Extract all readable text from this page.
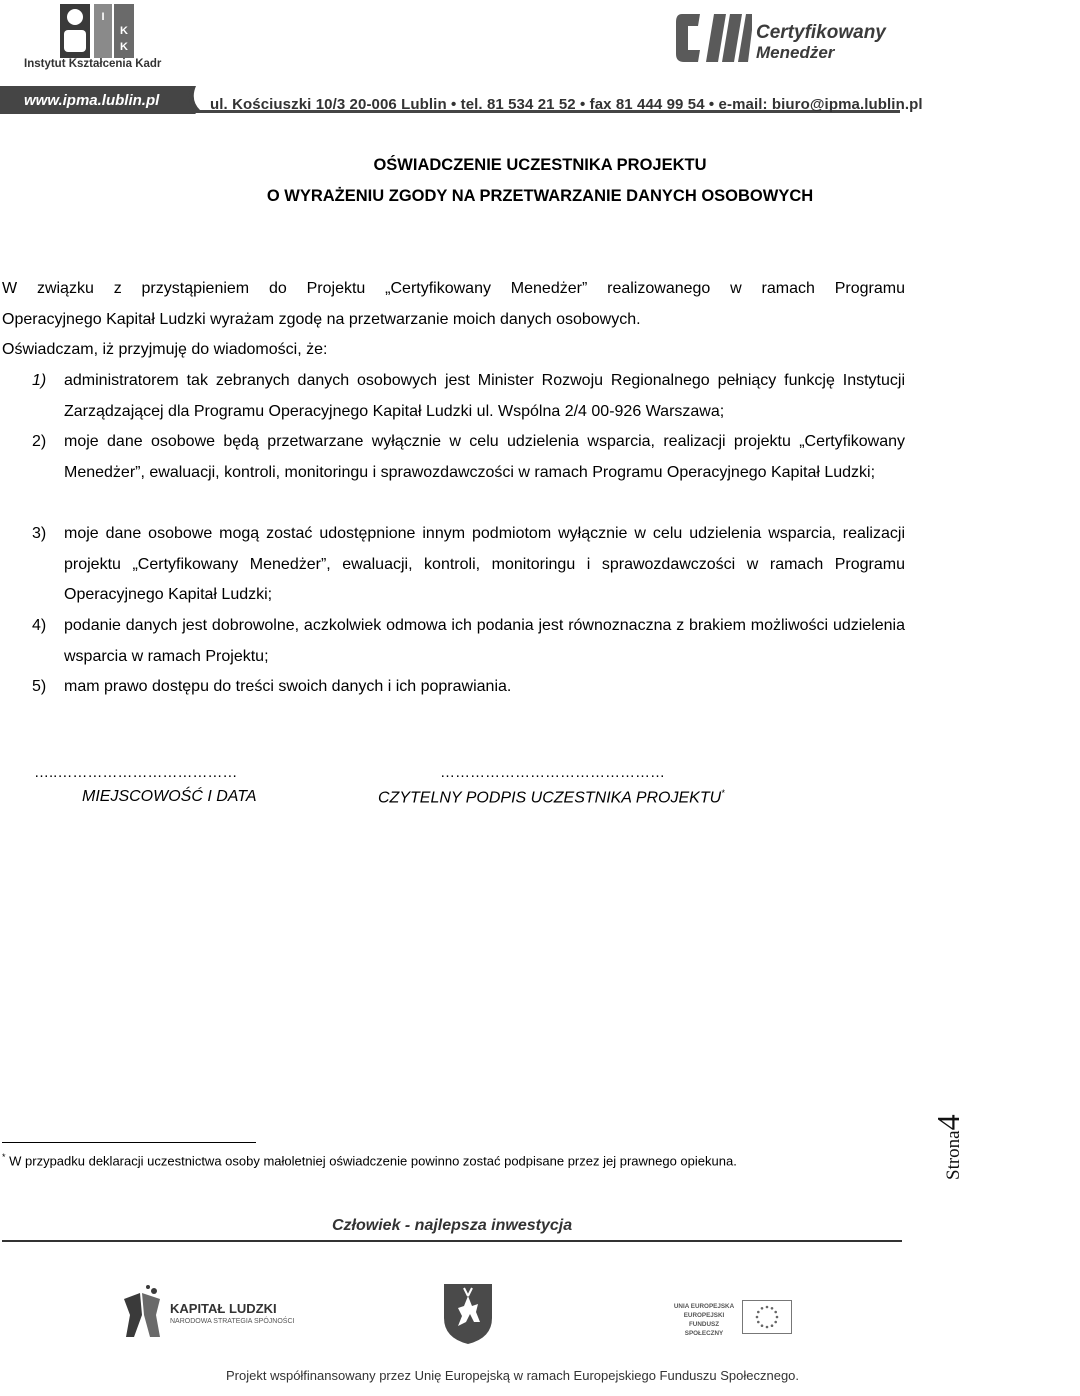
I
K
K
Instytut Kształcenia Kadr
Certyfikowany
Menedżer
www.ipma.lublin.pl	ul. Kościuszki 10/3 20-006 Lublin • tel. 81 534 21 52 • fax 81 444 99 54 • e-mail: biuro@ipma.lublin.pl
OŚWIADCZENIE UCZESTNIKA PROJEKTU
O WYRAŻENIU ZGODY NA PRZETWARZANIE DANYCH OSOBOWYCH
W związku z przystąpieniem do Projektu „Certyfikowany Menedżer” realizowanego w ramach Programu
Operacyjnego Kapitał Ludzki wyrażam zgodę na przetwarzanie moich danych osobowych.
Oświadczam, iż przyjmuję do wiadomości, że:
1)	administratorem tak zebranych danych osobowych jest Minister Rozwoju Regionalnego pełniący funkcję Instytucji Zarządzającej dla Programu Operacyjnego Kapitał Ludzki ul. Wspólna 2/4 00-926 Warszawa;
2)	moje dane osobowe będą przetwarzane wyłącznie w celu udzielenia wsparcia, realizacji projektu „Certyfikowany Menedżer”, ewaluacji, kontroli, monitoringu i sprawozdawczości w ramach Programu Operacyjnego Kapitał Ludzki;
3)	moje dane osobowe mogą zostać udostępnione innym podmiotom wyłącznie w celu udzielenia wsparcia, realizacji projektu „Certyfikowany Menedżer”, ewaluacji, kontroli, monitoringu i sprawozdawczości w ramach Programu Operacyjnego Kapitał Ludzki;
4)	podanie danych jest dobrowolne, aczkolwiek odmowa ich podania jest równoznaczna z brakiem możliwości udzielenia wsparcia w ramach Projektu;
5)	mam prawo dostępu do treści swoich danych i ich poprawiania.
…..………………………………	………………………………………
MIEJSCOWOŚĆ I DATA	CZYTELNY PODPIS UCZESTNIKA PROJEKTU*
* W przypadku deklaracji uczestnictwa osoby małoletniej oświadczenie powinno zostać podpisane przez jej prawnego opiekuna.	Strona4
Człowiek - najlepsza inwestycja
KAPITAŁ LUDZKI
NARODOWA STRATEGIA SPÓJNOŚCI
UNIA EUROPEJSKA
EUROPEJSKI
FUNDUSZ SPOŁECZNY
Projekt współfinansowany przez Unię Europejską w ramach Europejskiego Funduszu Społecznego.
